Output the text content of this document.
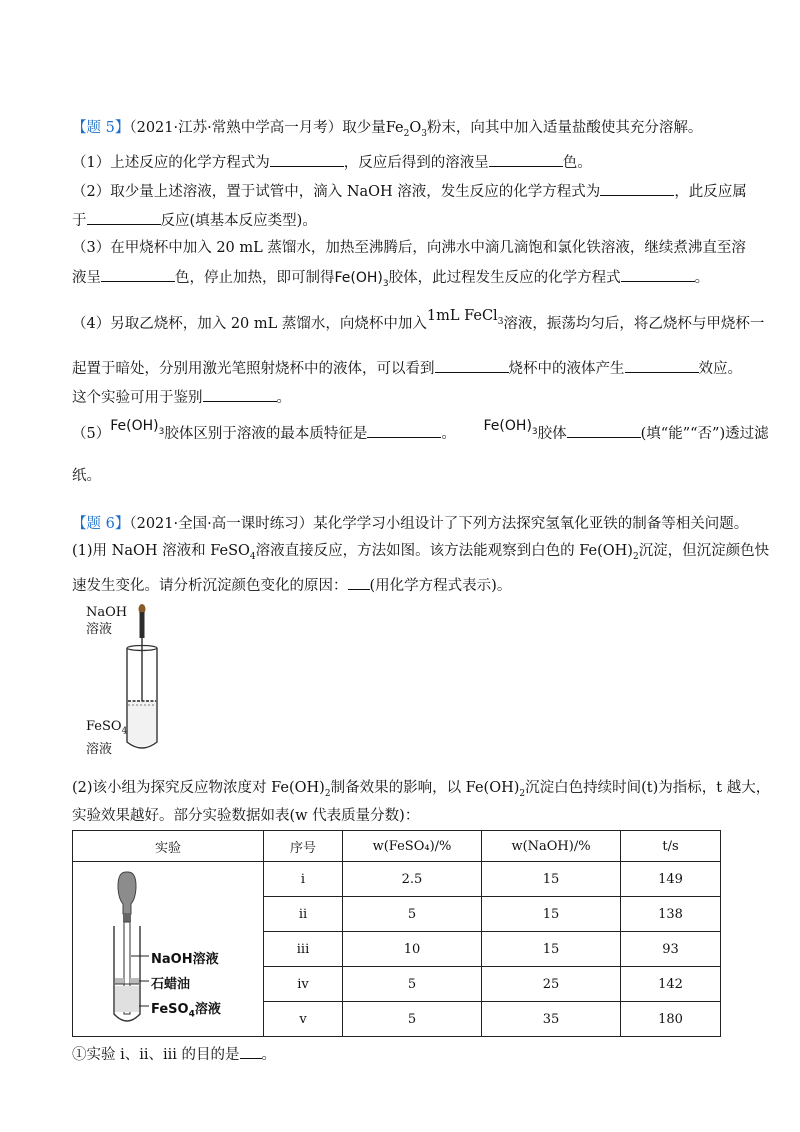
【题 5】（2021·江苏·常熟中学高一月考）取少量$Fe_2O_3$粉末，向其中加入适量盐酸使其充分溶解。

（1）上述反应的化学方程式为	，反应后得到的溶液呈	色。

（2）取少量上述溶液，置于试管中，滴入 NaOH 溶液，发生反应的化学方程式为	，此反应属

于	反应(填基本反应类型)。

（3）在甲烧杯中加入 20 mL 蒸馏水，加热至沸腾后，向沸水中滴几滴饱和氯化铁溶液，继续煮沸直至溶

液呈	色，停止加热，即可制得$Fe(OH)_3$胶体，此过程发生反应的化学方程式	。

（4）另取乙烧杯，加入 20 mL 蒸馏水，向烧杯中加入1mL FeCl$_3$溶液，振荡均匀后，将乙烧杯与甲烧杯一

起置于暗处，分别用激光笔照射烧杯中的液体，可以看到	烧杯中的液体产生	效应。

这个实验可用于鉴别	。

$(5)Fe(OH)_3$胶体区别于溶液的最本质特征是	。 $Fe(OH)_3$胶体	(填“能”“否”)透过滤

纸。

【题 6】（2021·全国·高一课时练习）某化学学习小组设计了下列方法探究氢氧化亚铁的制备等相关问题。

(1)用 NaOH 溶液和 FeSO$_4$溶液直接反应，方法如图。该方法能观察到白色的 $Fe(OH)_2$沉淀，但沉淀颜色快

速发生变化。请分析沉淀颜色变化的原因： (用化学方程式表示)。

NaOH
溶液
FeSO$_4$
溶液

(2)该小组为探究反应物浓度对 $Fe(OH)_2$制备效果的影响，以 $Fe(OH)_2$沉淀白色持续时间(t)为指标，t 越大，

实验效果越好。部分实验数据如表(w 代表质量分数)：

实验	序号	w(FeSO₄)/%	w(NaOH)/%	t/s

NaOH溶液
石蜡油
FeSO$_4$溶液	i	2.5	15	149
	ii	5	15	138
	iii	10	15	93
	iv	5	25	142
	v	5	35	180

①实验 i、ii、iii 的目的是 。
